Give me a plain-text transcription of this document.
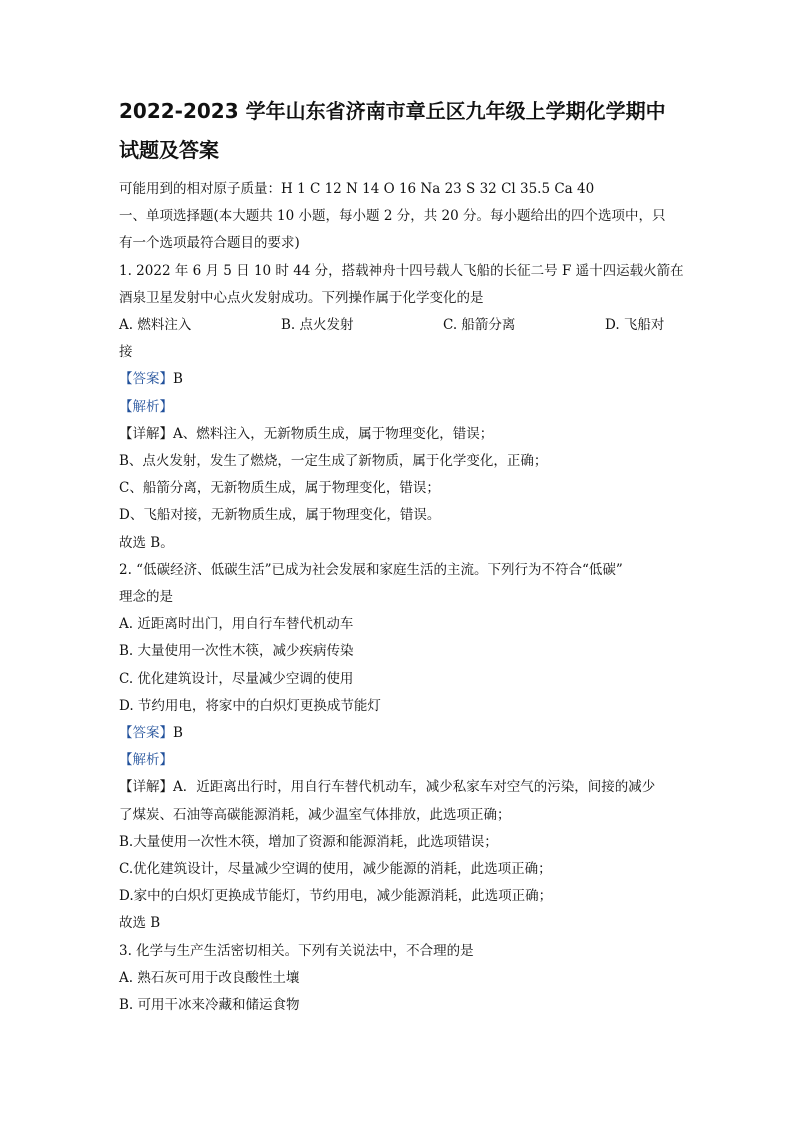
2022-2023 学年山东省济南市章丘区九年级上学期化学期中

试题及答案

可能用到的相对原子质量：H 1 C 12 N 14 O 16 Na 23 S 32 Cl 35.5 Ca 40

一、单项选择题(本大题共 10 小题，每小题 2 分，共 20 分。每小题给出的四个选项中，只

有一个选项最符合题目的要求)

1. 2022 年 6 月 5 日 10 时 44 分，搭载神舟十四号载人飞船的长征二号 F 遥十四运载火箭在

酒泉卫星发射中心点火发射成功。下列操作属于化学变化的是

A. 燃料注入	B. 点火发射	C. 船箭分离	D. 飞船对

接

【答案】B

【解析】

【详解】A、燃料注入，无新物质生成，属于物理变化，错误；

B、点火发射，发生了燃烧，一定生成了新物质，属于化学变化，正确；

C、船箭分离，无新物质生成，属于物理变化，错误；

D、飞船对接，无新物质生成，属于物理变化，错误。

故选 B。

2. “低碳经济、低碳生活”已成为社会发展和家庭生活的主流。下列行为不符合“低碳”

理念的是

A. 近距离时出门，用自行车替代机动车

B. 大量使用一次性木筷，减少疾病传染

C. 优化建筑设计，尽量减少空调的使用

D. 节约用电，将家中的白炽灯更换成节能灯

【答案】B

【解析】

【详解】A．近距离出行时，用自行车替代机动车，减少私家车对空气的污染，间接的减少

了煤炭、石油等高碳能源消耗，减少温室气体排放，此选项正确；

B.大量使用一次性木筷，增加了资源和能源消耗，此选项错误；

C.优化建筑设计，尽量减少空调的使用，减少能源的消耗，此选项正确；

D.家中的白炽灯更换成节能灯，节约用电，减少能源消耗，此选项正确；

故选 B

3. 化学与生产生活密切相关。下列有关说法中，不合理的是

A. 熟石灰可用于改良酸性土壤

B. 可用干冰来冷藏和储运食物
